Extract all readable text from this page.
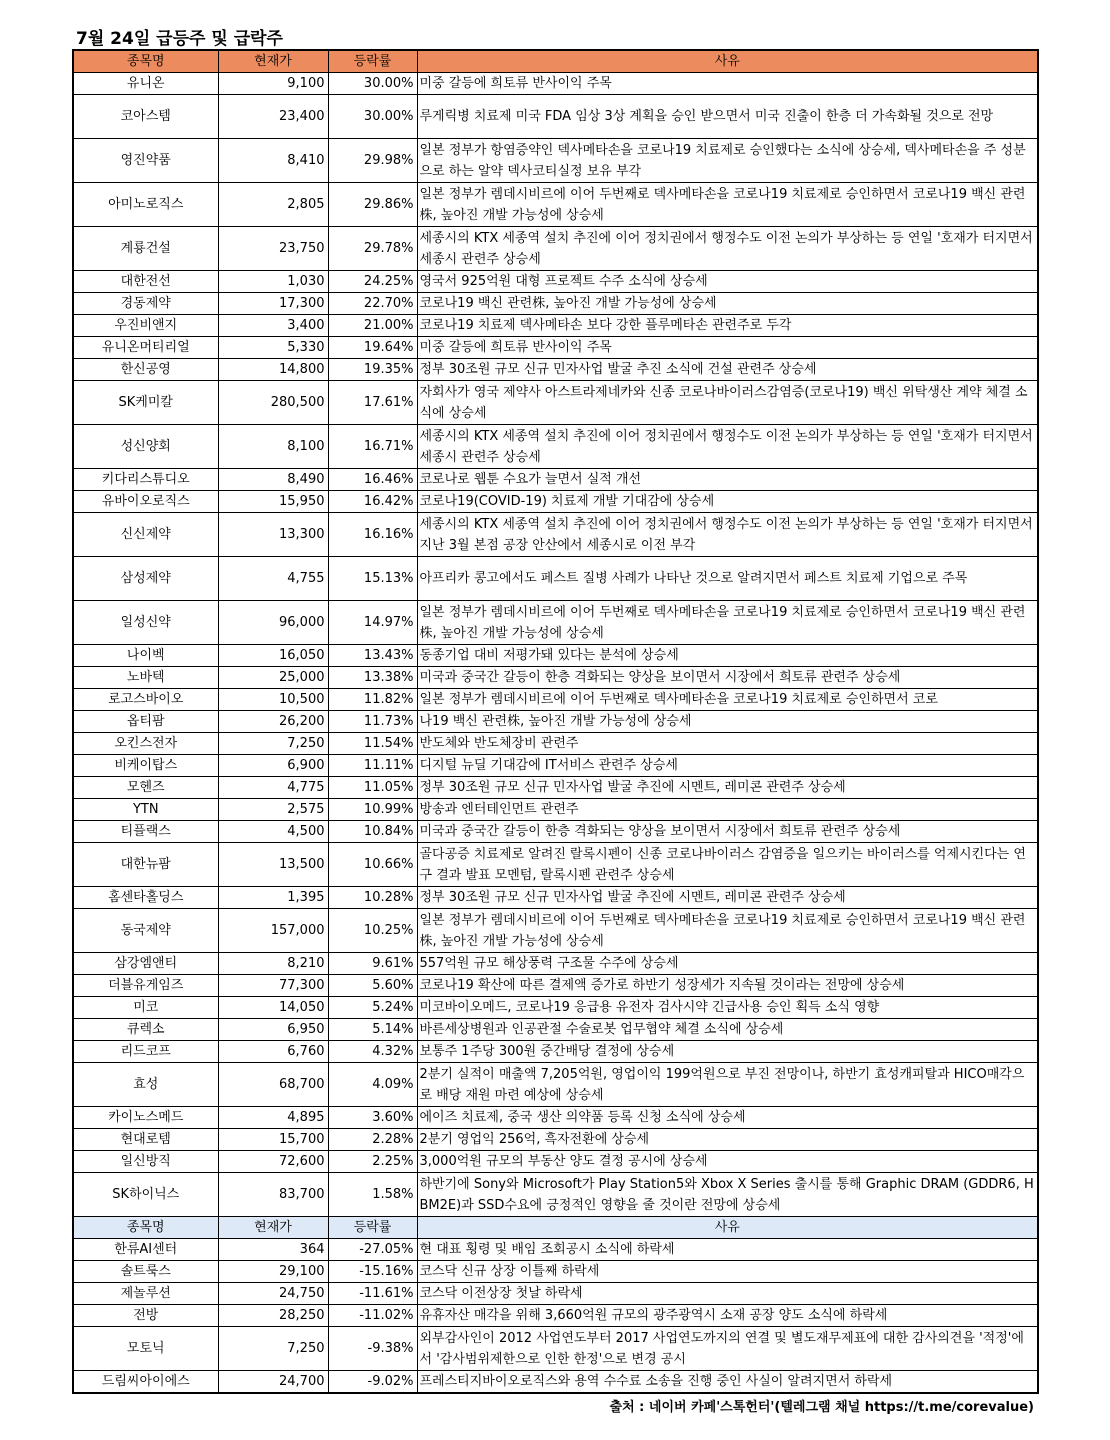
7월 24일 급등주 및 급락주
종목명	현재가	등락률	사유
유니온	9,100	30.00%	미중 갈등에 희토류 반사이익 주목
코아스템	23,400	30.00%	루게릭병 치료제 미국 FDA 임상 3상 계획을 승인 받으면서 미국 진출이 한층 더 가속화될 것으로 전망
영진약품	8,410	29.98%	일본 정부가 항염증약인 덱사메타손을 코로나19 치료제로 승인했다는 소식에 상승세, 덱사메타손을 주 성분으로 하는 알약 덱사코티실정 보유 부각
아미노로직스	2,805	29.86%	일본 정부가 렘데시비르에 이어 두번째로 덱사메타손을 코로나19 치료제로 승인하면서 코로나19 백신 관련株, 높아진 개발 가능성에 상승세
계룡건설	23,750	29.78%	세종시의 KTX 세종역 설치 추진에 이어 정치권에서 행정수도 이전 논의가 부상하는 등 연일 '호재가 터지면서 세종시 관련주 상승세
대한전선	1,030	24.25%	영국서 925억원 대형 프로젝트 수주 소식에 상승세
경동제약	17,300	22.70%	코로나19 백신 관련株, 높아진 개발 가능성에 상승세
우진비앤지	3,400	21.00%	코로나19 치료제 덱사메타손 보다 강한 플루메타손 관련주로 두각
유니온머티리얼	5,330	19.64%	미중 갈등에 희토류 반사이익 주목
한신공영	14,800	19.35%	정부 30조원 규모 신규 민자사업 발굴 추진 소식에 건설 관련주 상승세
SK케미칼	280,500	17.61%	자회사가 영국 제약사 아스트라제네카와 신종 코로나바이러스감염증(코로나19) 백신 위탁생산 계약 체결 소식에 상승세
성신양회	8,100	16.71%	세종시의 KTX 세종역 설치 추진에 이어 정치권에서 행정수도 이전 논의가 부상하는 등 연일 '호재가 터지면서 세종시 관련주 상승세
키다리스튜디오	8,490	16.46%	코로나로 웹툰 수요가 늘면서 실적 개선
유바이오로직스	15,950	16.42%	코로나19(COVID-19) 치료제 개발 기대감에 상승세
신신제약	13,300	16.16%	세종시의 KTX 세종역 설치 추진에 이어 정치권에서 행정수도 이전 논의가 부상하는 등 연일 '호재가 터지면서 지난 3월 본점 공장 안산에서 세종시로 이전 부각
삼성제약	4,755	15.13%	아프리카 콩고에서도 페스트 질병 사례가 나타난 것으로 알려지면서 페스트 치료제 기업으로 주목
일성신약	96,000	14.97%	일본 정부가 렘데시비르에 이어 두번째로 덱사메타손을 코로나19 치료제로 승인하면서 코로나19 백신 관련株, 높아진 개발 가능성에 상승세
나이벡	16,050	13.43%	동종기업 대비 저평가돼 있다는 분석에 상승세
노바텍	25,000	13.38%	미국과 중국간 갈등이 한층 격화되는 양상을 보이면서 시장에서 희토류 관련주 상승세
로고스바이오	10,500	11.82%	일본 정부가 렘데시비르에 이어 두번째로 덱사메타손을 코로나19 치료제로 승인하면서 코로
옵티팜	26,200	11.73%	나19 백신 관련株, 높아진 개발 가능성에 상승세
오킨스전자	7,250	11.54%	반도체와 반도체장비 관련주
비케이탑스	6,900	11.11%	디지털 뉴딜 기대감에 IT서비스 관련주 상승세
모헨즈	4,775	11.05%	정부 30조원 규모 신규 민자사업 발굴 추진에 시멘트, 레미콘 관련주 상승세
YTN	2,575	10.99%	방송과 엔터테인먼트 관련주
티플랙스	4,500	10.84%	미국과 중국간 갈등이 한층 격화되는 양상을 보이면서 시장에서 희토류 관련주 상승세
대한뉴팜	13,500	10.66%	골다공증 치료제로 알려진 랄록시펜이 신종 코로나바이러스 감염증을 일으키는 바이러스를 억제시킨다는 연구 결과 발표 모멘텀, 랄록시펜 관련주 상승세
홈센타홀딩스	1,395	10.28%	정부 30조원 규모 신규 민자사업 발굴 추진에 시멘트, 레미콘 관련주 상승세
동국제약	157,000	10.25%	일본 정부가 렘데시비르에 이어 두번째로 덱사메타손을 코로나19 치료제로 승인하면서 코로나19 백신 관련株, 높아진 개발 가능성에 상승세
삼강엠앤티	8,210	9.61%	557억원 규모 해상풍력 구조물 수주에 상승세
더블유게임즈	77,300	5.60%	코로나19 확산에 따른 결제액 증가로 하반기 성장세가 지속될 것이라는 전망에 상승세
미코	14,050	5.24%	미코바이오메드, 코로나19 응급용 유전자 검사시약 긴급사용 승인 획득 소식 영향
큐렉소	6,950	5.14%	바른세상병원과 인공관절 수술로봇 업무협약 체결 소식에 상승세
리드코프	6,760	4.32%	보통주 1주당 300원 중간배당 결정에 상승세
효성	68,700	4.09%	2분기 실적이 매출액 7,205억원, 영업이익 199억원으로 부진 전망이나, 하반기 효성캐피탈과 HICO매각으로 배당 재원 마련 예상에 상승세
카이노스메드	4,895	3.60%	에이즈 치료제, 중국 생산 의약품 등록 신청 소식에 상승세
현대로템	15,700	2.28%	2분기 영업익 256억, 흑자전환에 상승세
일신방직	72,600	2.25%	3,000억원 규모의 부동산 양도 결정 공시에 상승세
SK하이닉스	83,700	1.58%	하반기에 Sony와 Microsoft가 Play Station5와 Xbox X Series 출시를 통해 Graphic DRAM (GDDR6, HBM2E)과 SSD수요에 긍정적인 영향을 줄 것이란 전망에 상승세
종목명	현재가	등락률	사유
한류AI센터	364	-27.05%	현 대표 횡령 및 배임 조회공시 소식에 하락세
솔트룩스	29,100	-15.16%	코스닥 신규 상장 이틀째 하락세
제놀루션	24,750	-11.61%	코스닥 이전상장 첫날 하락세
전방	28,250	-11.02%	유휴자산 매각을 위해 3,660억원 규모의 광주광역시 소재 공장 양도 소식에 하락세
모토닉	7,250	-9.38%	외부감사인이 2012 사업연도부터 2017 사업연도까지의 연결 및 별도재무제표에 대한 감사의견을 '적정'에서 '감사범위제한으로 인한 한정'으로 변경 공시
드림씨아이에스	24,700	-9.02%	프레스티지바이오로직스와 용역 수수료 소송을 진행 중인 사실이 알려지면서 하락세
출처 : 네이버 카페'스톡헌터'(텔레그램 채널 https://t.me/corevalue)
